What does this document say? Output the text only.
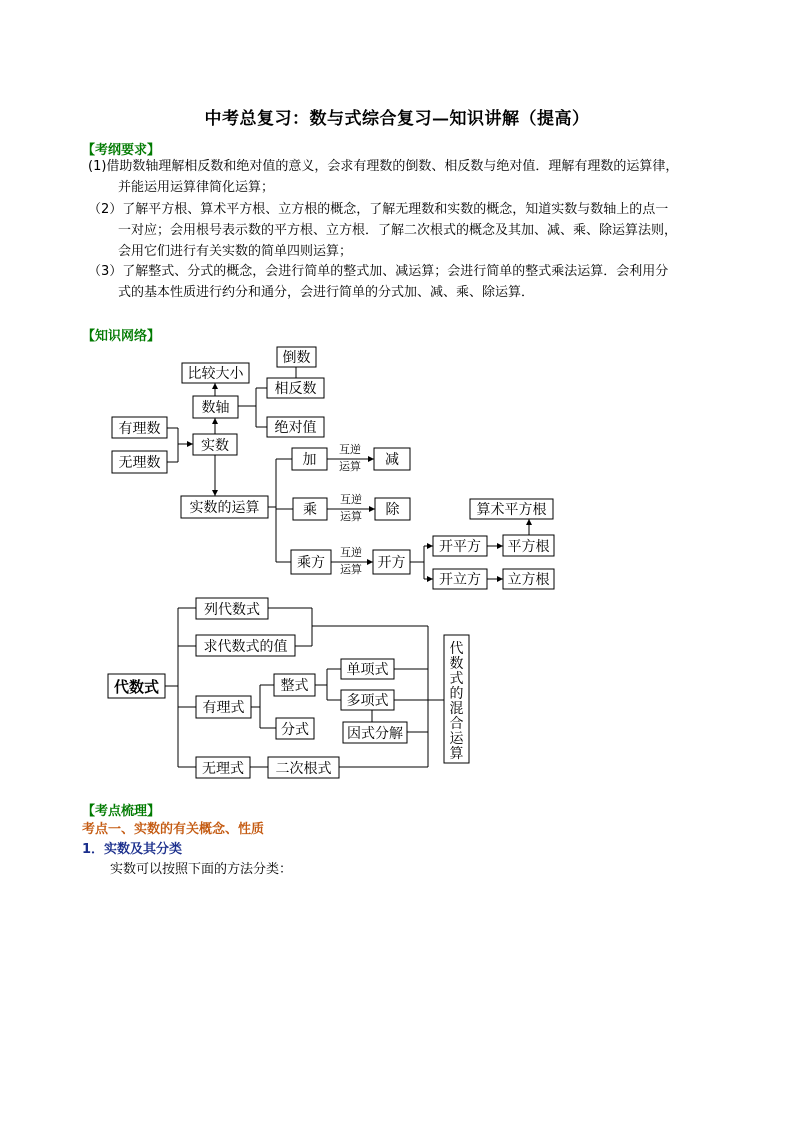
中考总复习：数与式综合复习—知识讲解（提高）
【考纲要求】
(1)借助数轴理解相反数和绝对值的意义，会求有理数的倒数、相反数与绝对值．理解有理数的运算律，
并能运用运算律简化运算；
（2）了解平方根、算术平方根、立方根的概念，了解无理数和实数的概念，知道实数与数轴上的点一
一对应；会用根号表示数的平方根、立方根．了解二次根式的概念及其加、减、乘、除运算法则，
会用它们进行有关实数的简单四则运算；
（3）了解整式、分式的概念，会进行简单的整式加、减运算；会进行简单的整式乘法运算．会利用分
式的基本性质进行约分和通分，会进行简单的分式加、减、乘、除运算．
【知识网络】
倒数
比较大小
相反数
数轴
有理数	绝对值
实数
无理数	加
互逆
运算 减
实数的运算	乘
互逆
运算 除	算术平方根
开平方 平方根
乘方
互逆
运算 开方
开立方 立方根
列代数式
求代数式的值
代数式
单项式
整式
多项式
有理式
分式	因式分解
无理式 二次根式
代
数
式
的
混
合
运
算
【考点梳理】
考点一、实数的有关概念、性质
1．实数及其分类
实数可以按照下面的方法分类：
